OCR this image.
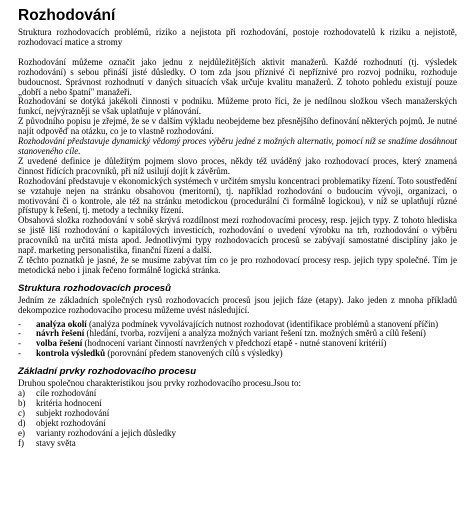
Rozhodování

Struktura rozhodovacích problémů, riziko a nejistota při rozhodování, postoje rozhodovatelů k riziku a nejistotě, rozhodovací matice a stromy

Rozhodování můžeme označit jako jednu z nejdůležitějších aktivit manažerů. Každé rozhodnutí (tj. výsledek rozhodování) s sebou přináší jisté důsledky. O tom zda jsou příznivé či nepříznivé pro rozvoj podniku, rozhoduje budoucnost. Správnost rozhodnutí v daných situacích však určuje kvalitu manažerů. Z tohoto pohledu existují pouze „dobří a nebo špatní" manažeři.

Rozhodování se dotýká jakékoli činnosti v podniku. Můžeme proto říci, že je nedílnou složkou všech manažerských funkcí, nejvýrazněji se však uplatňuje v plánování.

Z původního popisu je zřejmé, že se v dalším výkladu neobejdeme bez přesnějšího definování některých pojmů. Je nutné najít odpověď na otázku, co je to vlastně rozhodování.

Rozhodování představuje dynamický vědomý proces výběru jedné z možných alternativ, pomocí níž se snažíme dosáhnout stanoveného cíle.

Z uvedené definice je důležitým pojmem slovo proces, někdy též uváděný jako rozhodovací proces, který znamená činnost řídících pracovníků, při níž usilují dojít k závěrům.

Rozhodování představuje v ekonomických systémech v určitém smyslu koncentraci problematiky řízení. Toto soustředění se vztahuje nejen na stránku obsahovou (meritorní), tj. například rozhodování o budoucím vývoji, organizaci, o motivování či o kontrole, ale též na stránku metodickou (procedurální či formálně logickou), v níž se uplatňují různé přístupy k řešení, tj. metody a techniky řízení.

Obsahová složka rozhodování v sobě skrývá rozdílnost mezi rozhodovacími procesy, resp. jejich typy. Z tohoto hlediska se jistě liší rozhodování o kapitálových investicích, rozhodování o uvedení výrobku na trh, rozhodování o výběru pracovníků na určitá místa apod. Jednotlivými typy rozhodovacích procesů se zabývají samostatné disciplíny jako je např. marketing personalistika, finanční řízení a další.

Z těchto poznatků je jasné, že se musíme zabývat tím co je pro rozhodovací procesy resp. jejich typy společné. Tím je metodická nebo i jinak řečeno formálně logická stránka.

Struktura rozhodovacích procesů

Jedním ze základních společných rysů rozhodovacích procesů jsou jejich fáze (etapy). Jako jeden z mnoha příkladů dekompozice rozhodovacího procesu můžeme uvést následující.

- analýza okolí (analýza podmínek vyvolávajících nutnost rozhodovat (identifikace problémů a stanovení příčin)
- návrh řešení (hledání, tvorba, rozvíjení a analýza možných variant řešení tzn. možných směrů a cílů řešení)
- volba řešení (hodnocení variant činností navržených v předchozí etapě - nutné stanovení kritérií)
- kontrola výsledků (porovnání předem stanovených cílů s výsledky)
Základní prvky rozhodovacího procesu

Druhou společnou charakteristikou jsou prvky rozhodovacího procesu.Jsou to:

a) cíle rozhodování
b) kritéria hodnocení
c) subjekt rozhodování
d) objekt rozhodování
e) varianty rozhodování a jejich důsledky
f) stavy světa
